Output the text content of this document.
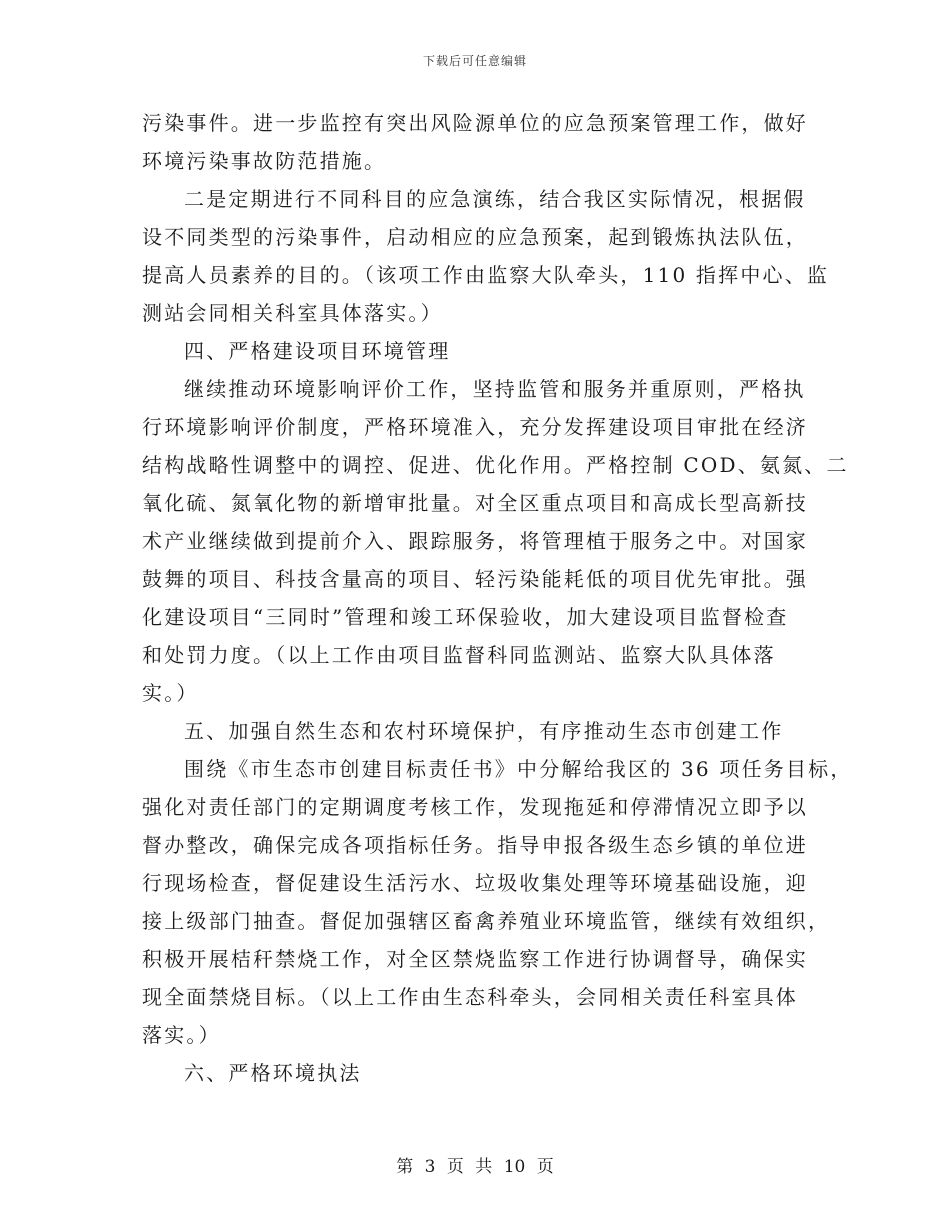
下载后可任意编辑
污染事件。进一步监控有突出风险源单位的应急预案管理工作，做好
环境污染事故防范措施。
二是定期进行不同科目的应急演练，结合我区实际情况，根据假
设不同类型的污染事件，启动相应的应急预案，起到锻炼执法队伍，
提高人员素养的目的。（该项工作由监察大队牵头，110 指挥中心、监
测站会同相关科室具体落实。）
四、严格建设项目环境管理
继续推动环境影响评价工作，坚持监管和服务并重原则，严格执
行环境影响评价制度，严格环境准入，充分发挥建设项目审批在经济
结构战略性调整中的调控、促进、优化作用。严格控制 COD、氨氮、二
氧化硫、氮氧化物的新增审批量。对全区重点项目和高成长型高新技
术产业继续做到提前介入、跟踪服务，将管理植于服务之中。对国家
鼓舞的项目、科技含量高的项目、轻污染能耗低的项目优先审批。强
化建设项目“三同时”管理和竣工环保验收，加大建设项目监督检查
和处罚力度。（以上工作由项目监督科同监测站、监察大队具体落
实。）
五、加强自然生态和农村环境保护，有序推动生态市创建工作
围绕《市生态市创建目标责任书》中分解给我区的 36 项任务目标，
强化对责任部门的定期调度考核工作，发现拖延和停滞情况立即予以
督办整改，确保完成各项指标任务。指导申报各级生态乡镇的单位进
行现场检查，督促建设生活污水、垃圾收集处理等环境基础设施，迎
接上级部门抽查。督促加强辖区畜禽养殖业环境监管，继续有效组织，
积极开展桔秆禁烧工作，对全区禁烧监察工作进行协调督导，确保实
现全面禁烧目标。（以上工作由生态科牵头，会同相关责任科室具体
落实。）
六、严格环境执法
第 3 页 共 10 页
